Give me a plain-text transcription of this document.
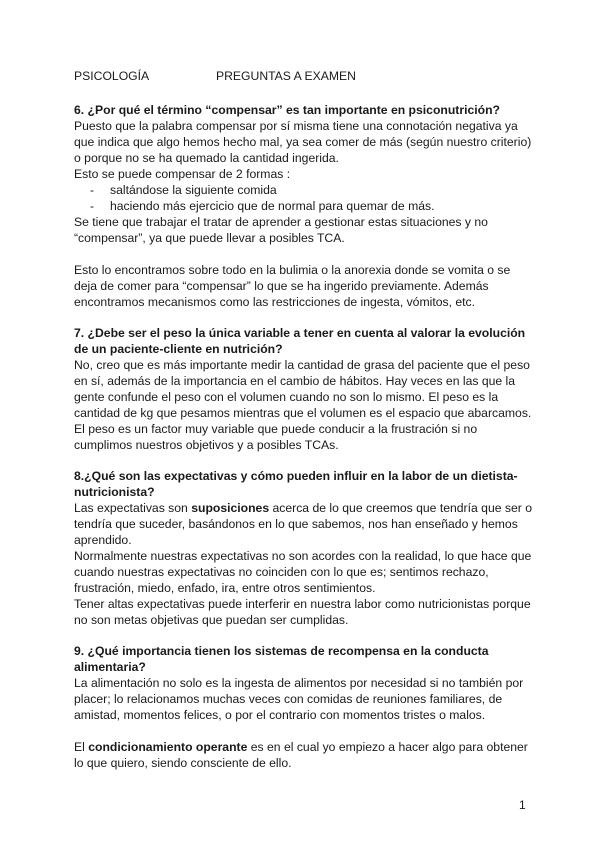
PSICOLOGÍA	PREGUNTAS A EXAMEN

6. ¿Por qué el término “compensar” es tan importante en psiconutrición?

Puesto que la palabra compensar por sí misma tiene una connotación negativa ya que indica que algo hemos hecho mal, ya sea comer de más (según nuestro criterio) o porque no se ha quemado la cantidad ingerida.

Esto se puede compensar de 2 formas :

- saltándose la siguiente comida
- haciendo más ejercicio que de normal para quemar de más.

Se tiene que trabajar el tratar de aprender a gestionar estas situaciones y no “compensar”, ya que puede llevar a posibles TCA.

Esto lo encontramos sobre todo en la bulimia o la anorexia donde se vomita o se deja de comer para “compensar” lo que se ha ingerido previamente. Además encontramos mecanismos como las restricciones de ingesta, vómitos, etc.

7. ¿Debe ser el peso la única variable a tener en cuenta al valorar la evolución de un paciente-cliente en nutrición?

No, creo que es más importante medir la cantidad de grasa del paciente que el peso en sí, además de la importancia en el cambio de hábitos. Hay veces en las que la gente confunde el peso con el volumen cuando no son lo mismo. El peso es la cantidad de kg que pesamos mientras que el volumen es el espacio que abarcamos. El peso es un factor muy variable que puede conducir a la frustración si no cumplimos nuestros objetivos y a posibles TCAs.

8.¿Qué son las expectativas y cómo pueden influir en la labor de un dietista-nutricionista?

Las expectativas son suposiciones acerca de lo que creemos que tendría que ser o tendría que suceder, basándonos en lo que sabemos, nos han enseñado y hemos aprendido.

Normalmente nuestras expectativas no son acordes con la realidad, lo que hace que cuando nuestras expectativas no coinciden con lo que es; sentimos rechazo, frustración, miedo, enfado, ira, entre otros sentimientos.

Tener altas expectativas puede interferir en nuestra labor como nutricionistas porque no son metas objetivas que puedan ser cumplidas.

9. ¿Qué importancia tienen los sistemas de recompensa en la conducta alimentaria?

La alimentación no solo es la ingesta de alimentos por necesidad si no también por placer; lo relacionamos muchas veces con comidas de reuniones familiares, de amistad, momentos felices, o por el contrario con momentos tristes o malos.

El condicionamiento operante es en el cual yo empiezo a hacer algo para obtener lo que quiero, siendo consciente de ello.

1
